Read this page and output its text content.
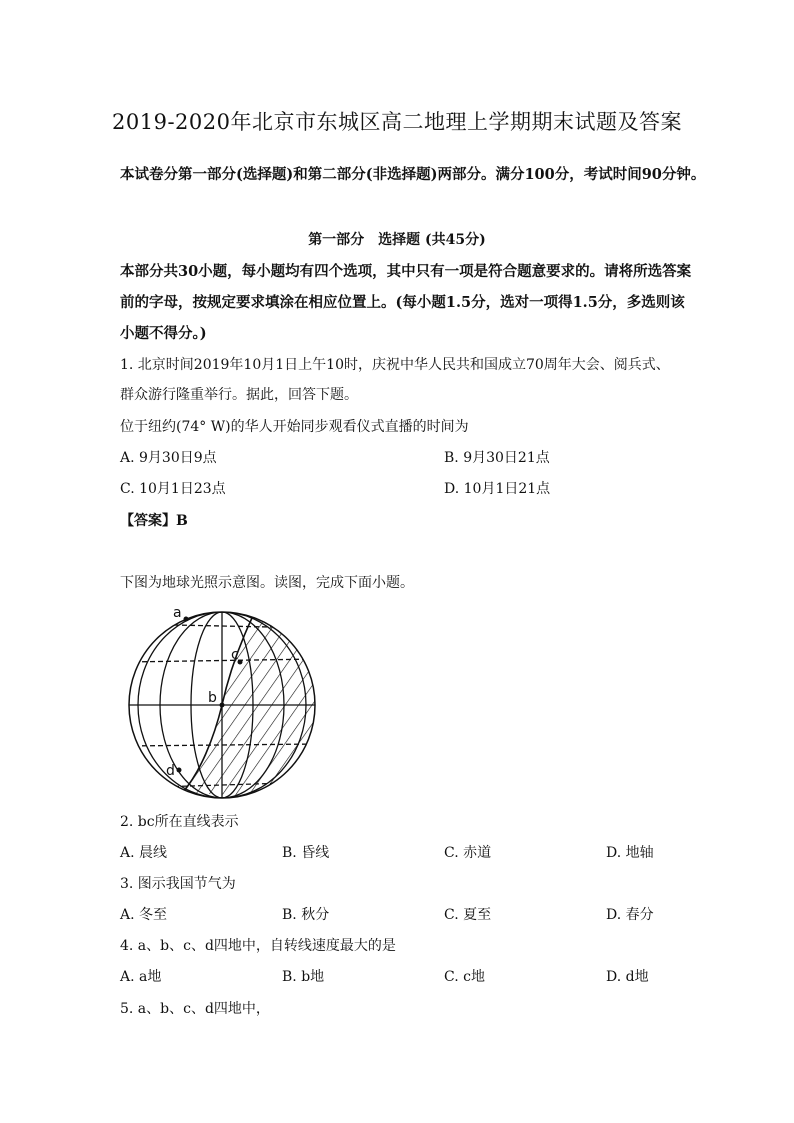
2019-2020年北京市东城区高二地理上学期期末试题及答案
本试卷分第一部分(选择题)和第二部分(非选择题)两部分。满分100分，考试时间90分钟。
第一部分　选择题 (共45分)
本部分共30小题，每小题均有四个选项，其中只有一项是符合题意要求的。请将所选答案
前的字母，按规定要求填涂在相应位置上。(每小题1.5分，选对一项得1.5分，多选则该
小题不得分。)
1. 北京时间2019年10月1日上午10时，庆祝中华人民共和国成立70周年大会、阅兵式、
群众游行隆重举行。据此，回答下题。
位于纽约(74° W)的华人开始同步观看仪式直播的时间为
A. 9月30日9点	B. 9月30日21点
C. 10月1日23点	D. 10月1日21点
【答案】B
下图为地球光照示意图。读图，完成下面小题。
a
c
b
d
2. bc所在直线表示
A. 晨线	B. 昏线	C. 赤道	D. 地轴
3. 图示我国节气为
A. 冬至	B. 秋分	C. 夏至	D. 春分
4. a、b、c、d四地中，自转线速度最大的是
A. a地	B. b地	C. c地	D. d地
5. a、b、c、d四地中，
